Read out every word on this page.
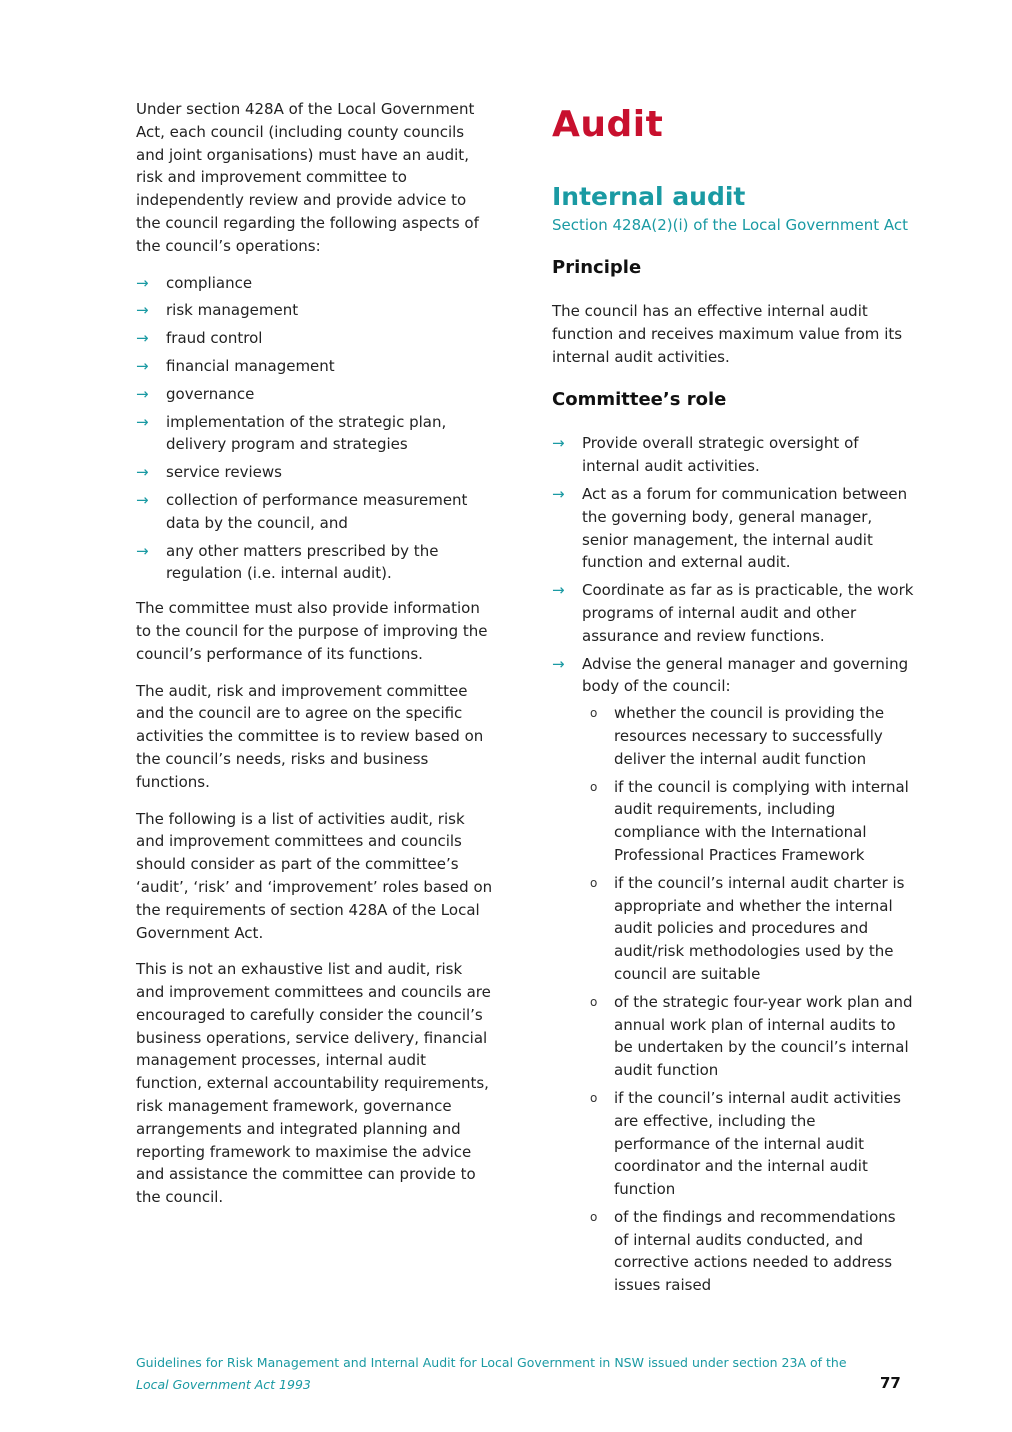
Under section 428A of the Local Government Act, each council (including county councils and joint organisations) must have an audit, risk and improvement committee to independently review and provide advice to the council regarding the following aspects of the council’s operations:

→ compliance
→ risk management
→ fraud control
→ financial management
→ governance
→ implementation of the strategic plan, delivery program and strategies
→ service reviews
→ collection of performance measurement data by the council, and
→ any other matters prescribed by the regulation (i.e. internal audit).

The committee must also provide information to the council for the purpose of improving the council’s performance of its functions.

The audit, risk and improvement committee and the council are to agree on the specific activities the committee is to review based on the council’s needs, risks and business functions.

The following is a list of activities audit, risk and improvement committees and councils should consider as part of the committee’s ‘audit’, ‘risk’ and ‘improvement’ roles based on the requirements of section 428A of the Local Government Act.

This is not an exhaustive list and audit, risk and improvement committees and councils are encouraged to carefully consider the council’s business operations, service delivery, financial management processes, internal audit function, external accountability requirements, risk management framework, governance arrangements and integrated planning and reporting framework to maximise the advice and assistance the committee can provide to the council.

Audit
Internal audit
Section 428A(2)(i) of the Local Government Act
Principle

The council has an effective internal audit function and receives maximum value from its internal audit activities.

Committee’s role
→ Provide overall strategic oversight of internal audit activities.
→ Act as a forum for communication between the governing body, general manager, senior management, the internal audit function and external audit.
→ Coordinate as far as is practicable, the work programs of internal audit and other assurance and review functions.
→ Advise the general manager and governing body of the council:
o whether the council is providing the resources necessary to successfully deliver the internal audit function
o if the council is complying with internal audit requirements, including compliance with the International Professional Practices Framework
o if the council’s internal audit charter is appropriate and whether the internal audit policies and procedures and audit/risk methodologies used by the council are suitable
o of the strategic four-year work plan and annual work plan of internal audits to be undertaken by the council’s internal audit function
o if the council’s internal audit activities are effective, including the performance of the internal audit coordinator and the internal audit function
o of the findings and recommendations of internal audits conducted, and corrective actions needed to address issues raised
Guidelines for Risk Management and Internal Audit for Local Government in NSW issued under section 23A of the Local Government Act 1993	77
